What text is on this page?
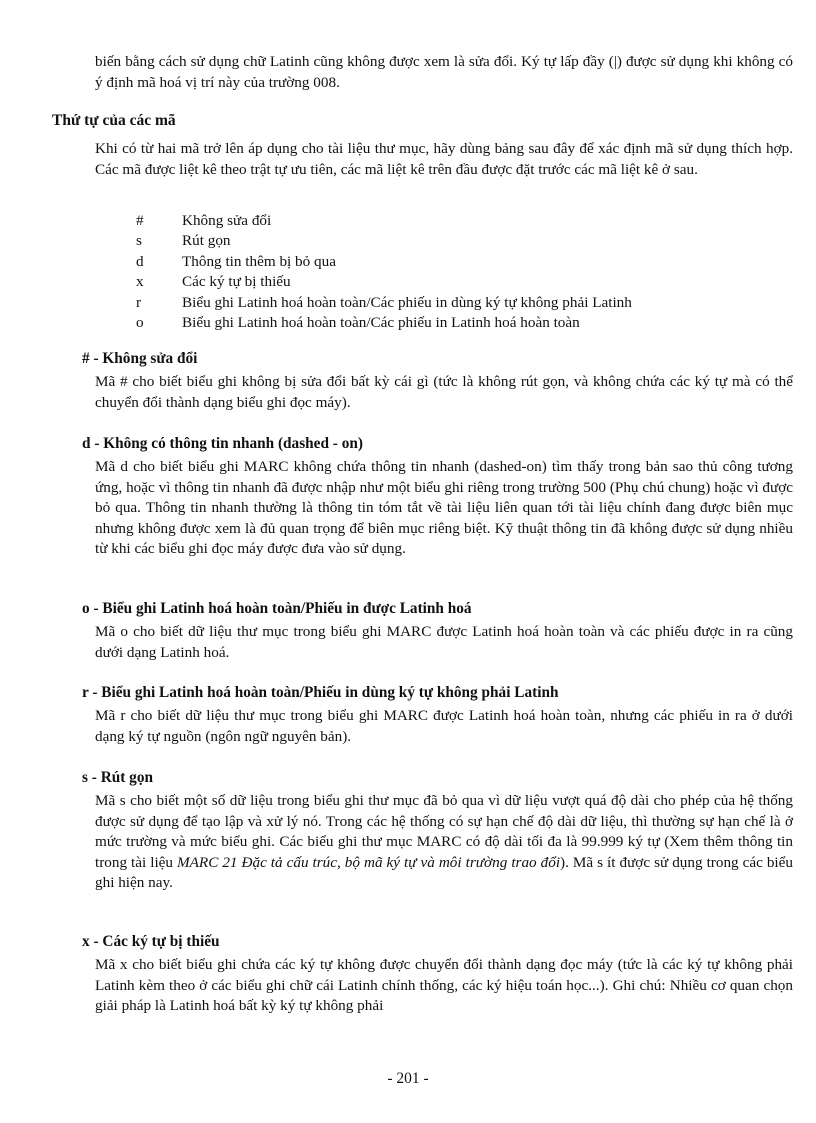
biến bằng cách sử dụng chữ Latinh cũng không được xem là sửa đổi. Ký tự lấp đầy (|) được sử dụng khi không có ý định mã hoá vị trí này của trường 008.

Thứ tự của các mã

Khi có từ hai mã trở lên áp dụng cho tài liệu thư mục, hãy dùng bảng sau đây để xác định mã sử dụng thích hợp. Các mã được liệt kê theo trật tự ưu tiên, các mã liệt kê trên đầu được đặt trước các mã liệt kê ở sau.

#	Không sửa đổi
s	Rút gọn
d	Thông tin thêm bị bỏ qua
x	Các ký tự bị thiếu
r	Biểu ghi Latinh hoá hoàn toàn/Các phiếu in dùng ký tự không phải Latinh
o	Biểu ghi Latinh hoá hoàn toàn/Các phiếu in Latinh hoá hoàn toàn
# - Không sửa đổi

Mã # cho biết biểu ghi không bị sửa đổi bất kỳ cái gì (tức là không rút gọn, và không chứa các ký tự mà có thể chuyển đổi thành dạng biểu ghi đọc máy).

d - Không có thông tin nhanh (dashed - on)

Mã d cho biết biểu ghi MARC không chứa thông tin nhanh (dashed-on) tìm thấy trong bản sao thủ công tương ứng, hoặc vì thông tin nhanh đã được nhập như một biểu ghi riêng trong trường 500 (Phụ chú chung) hoặc vì được bỏ qua. Thông tin nhanh thường là thông tin tóm tắt về tài liệu liên quan tới tài liệu chính đang được biên mục nhưng không được xem là đủ quan trọng để biên mục riêng biệt. Kỹ thuật thông tin đã không được sử dụng nhiều từ khi các biểu ghi đọc máy được đưa vào sử dụng.

o - Biểu ghi Latinh hoá hoàn toàn/Phiếu in được Latinh hoá

Mã o cho biết dữ liệu thư mục trong biểu ghi MARC được Latinh hoá hoàn toàn và các phiếu được in ra cũng dưới dạng Latinh hoá.

r - Biểu ghi Latinh hoá hoàn toàn/Phiếu in dùng ký tự không phải Latinh

Mã r cho biết dữ liệu thư mục trong biểu ghi MARC được Latinh hoá hoàn toàn, nhưng các phiếu in ra ở dưới dạng ký tự nguồn (ngôn ngữ nguyên bản).

s - Rút gọn

Mã s cho biết một số dữ liệu trong biểu ghi thư mục đã bỏ qua vì dữ liệu vượt quá độ dài cho phép của hệ thống được sử dụng để tạo lập và xử lý nó. Trong các hệ thống có sự hạn chế độ dài dữ liệu, thì thường sự hạn chế là ở mức trường và mức biểu ghi. Các biểu ghi thư mục MARC có độ dài tối đa là 99.999 ký tự (Xem thêm thông tin trong tài liệu MARC 21 Đặc tả cấu trúc, bộ mã ký tự và môi trường trao đổi). Mã s ít được sử dụng trong các biểu ghi hiện nay.

x - Các ký tự bị thiếu

Mã x cho biết biểu ghi chứa các ký tự không được chuyển đổi thành dạng đọc máy (tức là các ký tự không phải Latinh kèm theo ở các biểu ghi chữ cái Latinh chính thống, các ký hiệu toán học...). Ghi chú: Nhiều cơ quan chọn giải pháp là Latinh hoá bất kỳ ký tự không phải

- 201 -
